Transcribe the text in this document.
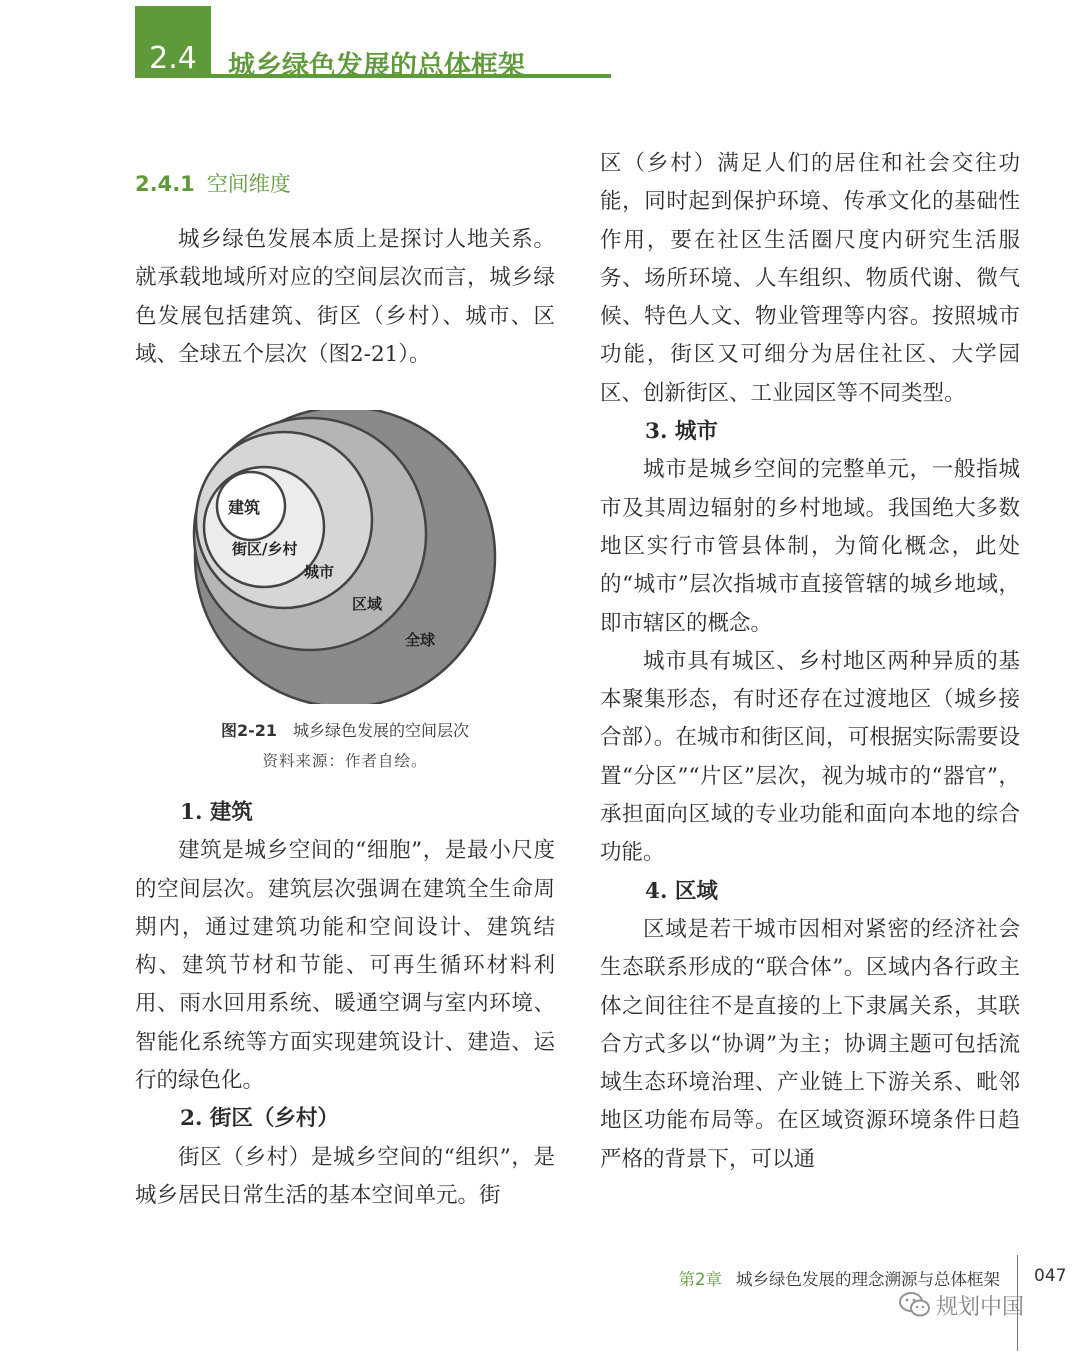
2.4 城乡绿色发展的总体框架
2.4.1 空间维度

城乡绿色发展本质上是探讨人地关系。就承载地域所对应的空间层次而言，城乡绿色发展包括建筑、街区（乡村）、城市、区域、全球五个层次（图2-21）。

建筑
街区/乡村
城市
区域
全球
图2-21 城乡绿色发展的空间层次
资料来源：作者自绘。
1. 建筑

建筑是城乡空间的“细胞”，是最小尺度的空间层次。建筑层次强调在建筑全生命周期内，通过建筑功能和空间设计、建筑结构、建筑节材和节能、可再生循环材料利用、雨水回用系统、暖通空调与室内环境、智能化系统等方面实现建筑设计、建造、运行的绿色化。

2. 街区（乡村）

街区（乡村）是城乡空间的“组织”，是城乡居民日常生活的基本空间单元。街

区（乡村）满足人们的居住和社会交往功能，同时起到保护环境、传承文化的基础性作用，要在社区生活圈尺度内研究生活服务、场所环境、人车组织、物质代谢、微气候、特色人文、物业管理等内容。按照城市功能，街区又可细分为居住社区、大学园区、创新街区、工业园区等不同类型。

3. 城市

城市是城乡空间的完整单元，一般指城市及其周边辐射的乡村地域。我国绝大多数地区实行市管县体制，为简化概念，此处的“城市”层次指城市直接管辖的城乡地域，即市辖区的概念。

城市具有城区、乡村地区两种异质的基本聚集形态，有时还存在过渡地区（城乡接合部）。在城市和街区间，可根据实际需要设置“分区”“片区”层次，视为城市的“器官”，承担面向区域的专业功能和面向本地的综合功能。

4. 区域

区域是若干城市因相对紧密的经济社会生态联系形成的“联合体”。区域内各行政主体之间往往不是直接的上下隶属关系，其联合方式多以“协调”为主；协调主题可包括流域生态环境治理、产业链上下游关系、毗邻地区功能布局等。在区域资源环境条件日趋严格的背景下，可以通

第2章 城乡绿色发展的理念溯源与总体框架 047
规划中国
